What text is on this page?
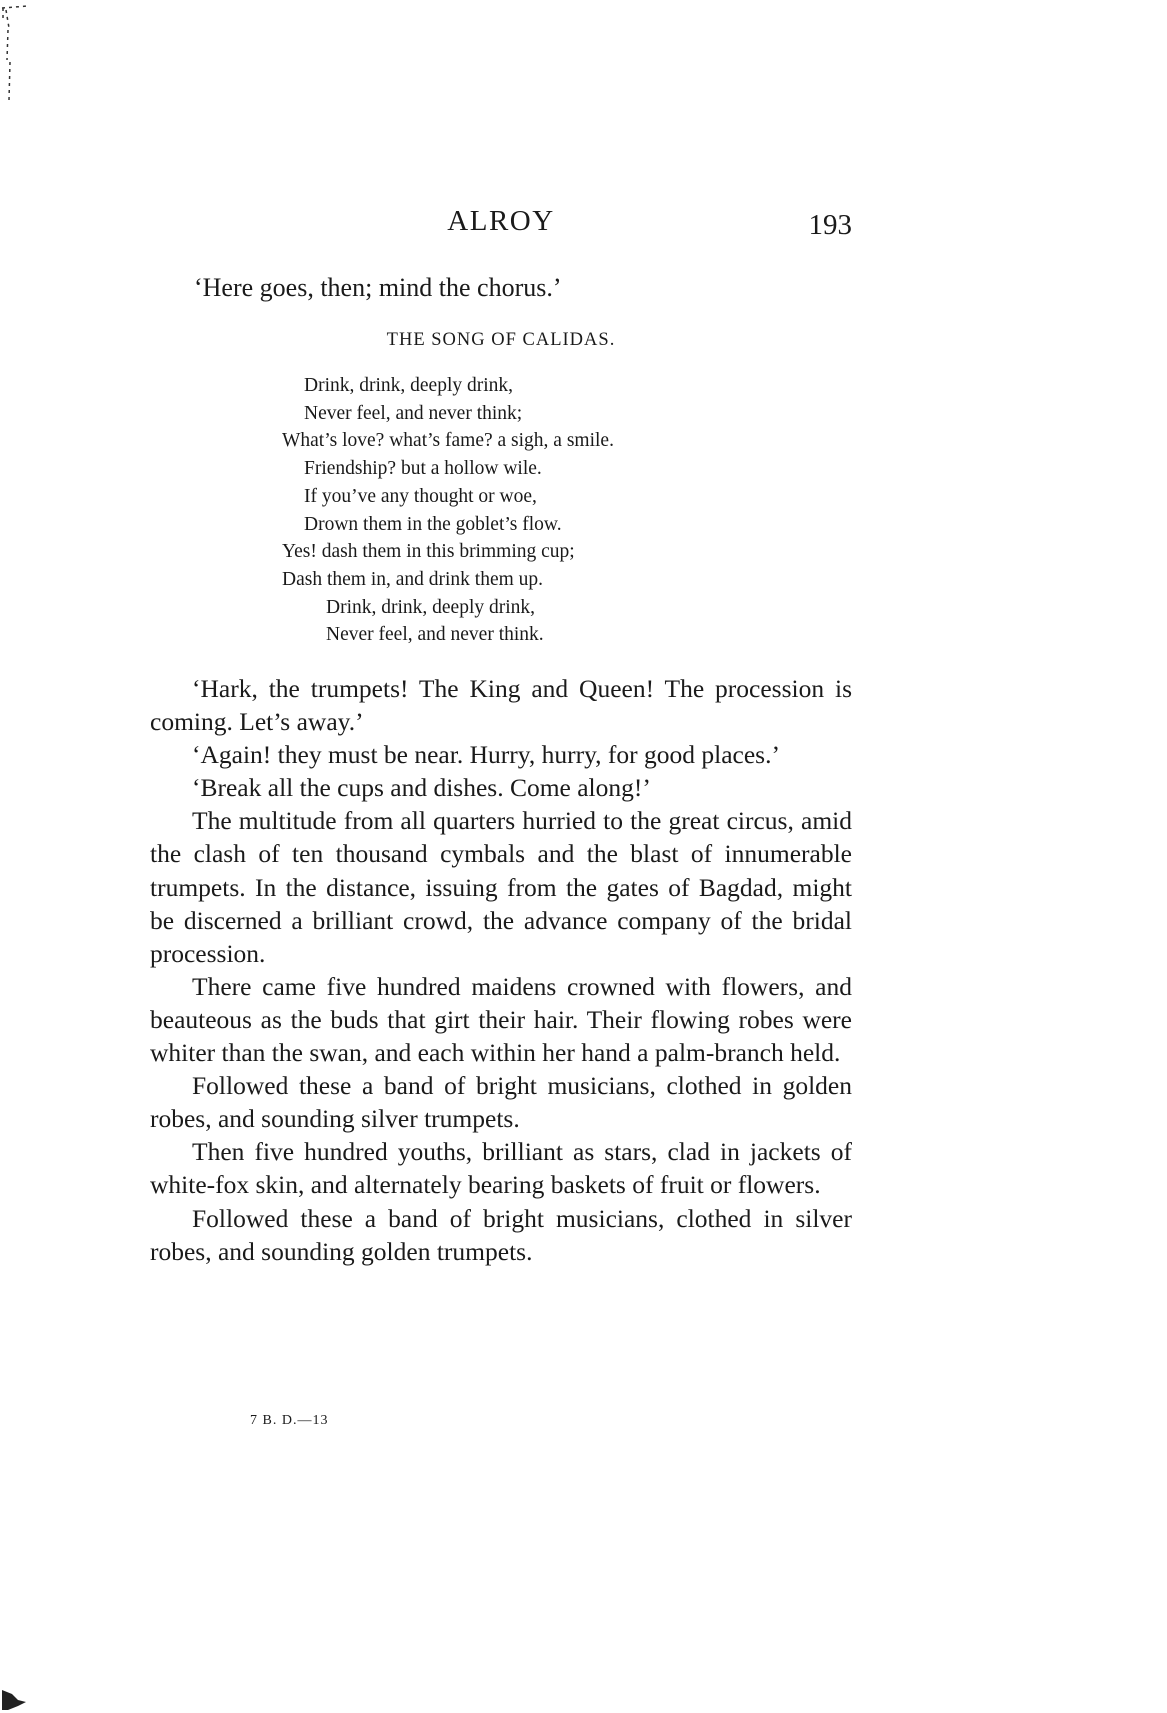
ALROY	193

‘Here goes, then; mind the chorus.’

THE SONG OF CALIDAS.
Drink, drink, deeply drink,
Never feel, and never think;
What’s love? what’s fame? a sigh, a smile.
Friendship? but a hollow wile.
If you’ve any thought or woe,
Drown them in the goblet’s flow.
Yes! dash them in this brimming cup;
Dash them in, and drink them up.
Drink, drink, deeply drink,
Never feel, and never think.

‘Hark, the trumpets! The King and Queen! The procession is coming. Let’s away.’

‘Again! they must be near. Hurry, hurry, for good places.’

‘Break all the cups and dishes. Come along!’

The multitude from all quarters hurried to the great circus, amid the clash of ten thousand cymbals and the blast of innumerable trumpets. In the distance, issuing from the gates of Bagdad, might be discerned a brilliant crowd, the advance company of the bridal procession.

There came five hundred maidens crowned with flowers, and beauteous as the buds that girt their hair. Their flowing robes were whiter than the swan, and each within her hand a palm-branch held.

Followed these a band of bright musicians, clothed in golden robes, and sounding silver trumpets.

Then five hundred youths, brilliant as stars, clad in jackets of white-fox skin, and alternately bearing baskets of fruit or flowers.

Followed these a band of bright musicians, clothed in silver robes, and sounding golden trumpets.

7 B. D.—13
